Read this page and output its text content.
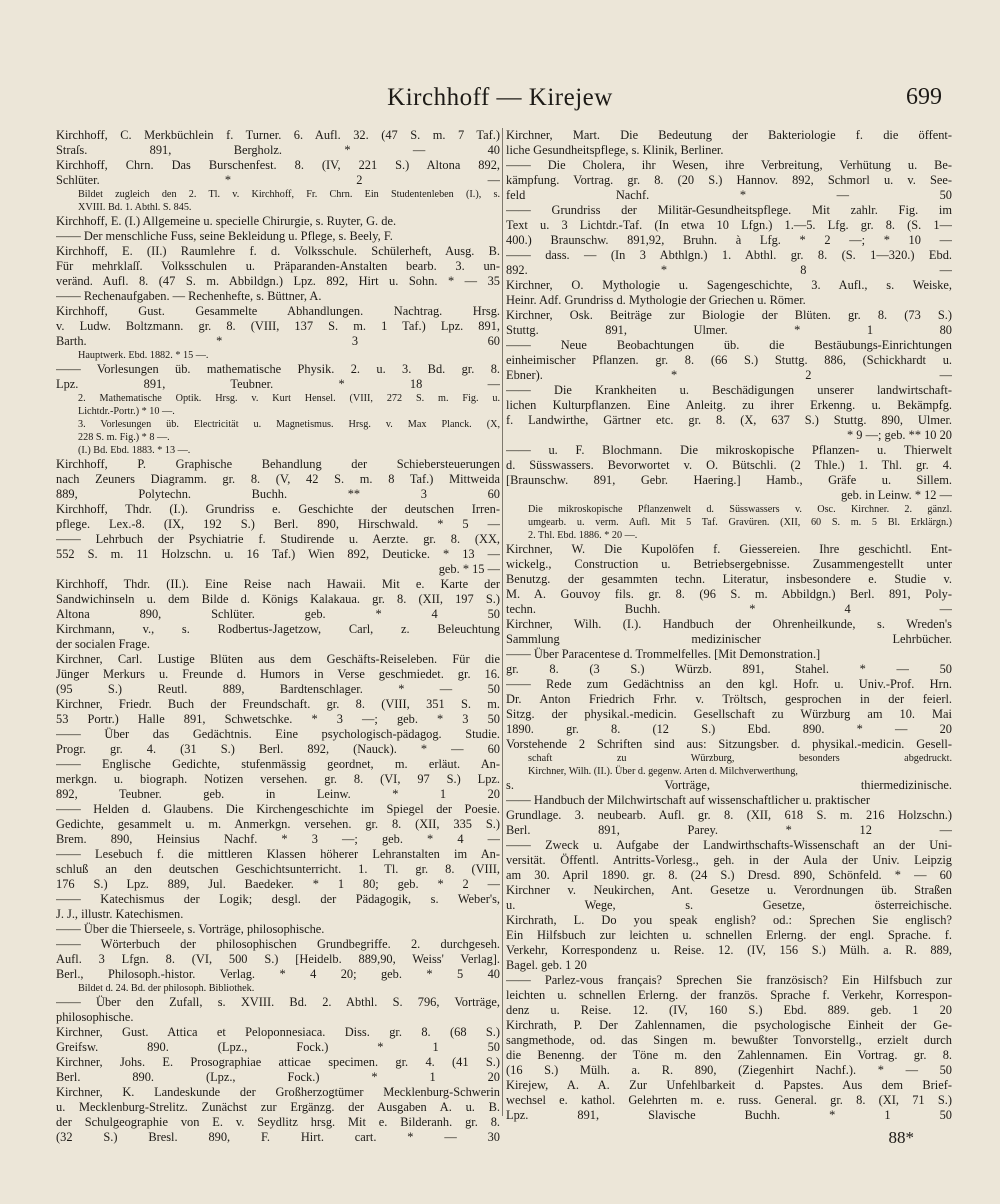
Kirchhoff — Kirejew	699
Kirchhoff, C. Merkbüchlein f. Turner. 6. Aufl. 32. (47 S. m. 7 Taf.)
Straſs. 891, Bergholz. * — 40
Kirchhoff, Chrn. Das Burschenfest. 8. (IV, 221 S.) Altona 892,
Schlüter. * 2 —
Bildet zugleich den 2. Tl. v. Kirchhoff, Fr. Chrn. Ein Studentenleben (I.), s.
XVIII. Bd. 1. Abthl. S. 845.
Kirchhoff, E. (I.) Allgemeine u. specielle Chirurgie, s. Ruyter, G. de.
—— Der menschliche Fuss, seine Bekleidung u. Pflege, s. Beely, F.
Kirchhoff, E. (II.) Raumlehre f. d. Volksschule. Schülerheft, Ausg. B.
Für mehrklaſſ. Volksschulen u. Präparanden-Anstalten bearb. 3. un-
veränd. Aufl. 8. (47 S. m. Abbildgn.) Lpz. 892, Hirt u. Sohn. * — 35
—— Rechenaufgaben. — Rechenhefte, s. Büttner, A.
Kirchhoff, Gust. Gesammelte Abhandlungen. Nachtrag. Hrsg.
v. Ludw. Boltzmann. gr. 8. (VIII, 137 S. m. 1 Taf.) Lpz. 891,
Barth. * 3 60
Hauptwerk. Ebd. 1882. * 15 —.
—— Vorlesungen üb. mathematische Physik. 2. u. 3. Bd. gr. 8.
Lpz. 891, Teubner. * 18 —
2. Mathematische Optik. Hrsg. v. Kurt Hensel. (VIII, 272 S. m. Fig. u.
Lichtdr.-Portr.) * 10 —.
3. Vorlesungen üb. Electricität u. Magnetismus. Hrsg. v. Max Planck. (X,
228 S. m. Fig.) * 8 —.
(I.) Bd. Ebd. 1883. * 13 —.
Kirchhoff, P. Graphische Behandlung der Schiebersteuerungen
nach Zeuners Diagramm. gr. 8. (V, 42 S. m. 8 Taf.) Mittweida
889, Polytechn. Buchh. ** 3 60
Kirchhoff, Thdr. (I.). Grundriss e. Geschichte der deutschen Irren-
pflege. Lex.-8. (IX, 192 S.) Berl. 890, Hirschwald. * 5 —
—— Lehrbuch der Psychiatrie f. Studirende u. Aerzte. gr. 8. (XX,
552 S. m. 11 Holzschn. u. 16 Taf.) Wien 892, Deuticke. * 13 —
geb. * 15 —
Kirchhoff, Thdr. (II.). Eine Reise nach Hawaii. Mit e. Karte der
Sandwichinseln u. dem Bilde d. Königs Kalakaua. gr. 8. (XII, 197 S.)
Altona 890, Schlüter. geb. * 4 50
Kirchmann, v., s. Rodbertus-Jagetzow, Carl, z. Beleuchtung
der socialen Frage.
Kirchner, Carl. Lustige Blüten aus dem Geschäfts-Reiseleben. Für die
Jünger Merkurs u. Freunde d. Humors in Verse geschmiedet. gr. 16.
(95 S.) Reutl. 889, Bardtenschlager. * — 50
Kirchner, Friedr. Buch der Freundschaft. gr. 8. (VIII, 351 S. m.
53 Portr.) Halle 891, Schwetschke. * 3 —; geb. * 3 50
—— Über das Gedächtnis. Eine psychologisch-pädagog. Studie.
Progr. gr. 4. (31 S.) Berl. 892, (Nauck). * — 60
—— Englische Gedichte, stufenmässig geordnet, m. erläut. An-
merkgn. u. biograph. Notizen versehen. gr. 8. (VI, 97 S.) Lpz.
892, Teubner. geb. in Leinw. * 1 20
—— Helden d. Glaubens. Die Kirchengeschichte im Spiegel der Poesie.
Gedichte, gesammelt u. m. Anmerkgn. versehen. gr. 8. (XII, 335 S.)
Brem. 890, Heinsius Nachf. * 3 —; geb. * 4 —
—— Lesebuch f. die mittleren Klassen höherer Lehranstalten im An-
schluß an den deutschen Geschichtsunterricht. 1. Tl. gr. 8. (VIII,
176 S.) Lpz. 889, Jul. Baedeker. * 1 80; geb. * 2 —
—— Katechismus der Logik; desgl. der Pädagogik, s. Weber's,
J. J., illustr. Katechismen.
—— Über die Thierseele, s. Vorträge, philosophische.
—— Wörterbuch der philosophischen Grundbegriffe. 2. durchgeseh.
Aufl. 3 Lfgn. 8. (VI, 500 S.) [Heidelb. 889,90, Weiss' Verlag].
Berl., Philosoph.-histor. Verlag. * 4 20; geb. * 5 40
Bildet d. 24. Bd. der philosoph. Bibliothek.
—— Über den Zufall, s. XVIII. Bd. 2. Abthl. S. 796, Vorträge,
philosophische.
Kirchner, Gust. Attica et Peloponnesiaca. Diss. gr. 8. (68 S.)
Greifsw. 890. (Lpz., Fock.) * 1 50
Kirchner, Johs. E. Prosographiae atticae specimen. gr. 4. (41 S.)
Berl. 890. (Lpz., Fock.) * 1 20
Kirchner, K. Landeskunde der Großherzogtümer Mecklenburg-Schwerin
u. Mecklenburg-Strelitz. Zunächst zur Ergänzg. der Ausgaben A. u. B.
der Schulgeographie von E. v. Seydlitz hrsg. Mit e. Bilderanh. gr. 8.
(32 S.) Bresl. 890, F. Hirt. cart. * — 30
Kirchner, Mart. Die Bedeutung der Bakteriologie f. die öffent-
liche Gesundheitspflege, s. Klinik, Berliner.
—— Die Cholera, ihr Wesen, ihre Verbreitung, Verhütung u. Be-
kämpfung. Vortrag. gr. 8. (20 S.) Hannov. 892, Schmorl u. v. See-
feld Nachf. * — 50
—— Grundriss der Militär-Gesundheitspflege. Mit zahlr. Fig. im
Text u. 3 Lichtdr.-Taf. (In etwa 10 Lfgn.) 1.—5. Lfg. gr. 8. (S. 1—
400.) Braunschw. 891,92, Bruhn. à Lfg. * 2 —; * 10 —
—— dass. — (In 3 Abthlgn.) 1. Abthl. gr. 8. (S. 1—320.) Ebd.
892. * 8 —
Kirchner, O. Mythologie u. Sagengeschichte, 3. Aufl., s. Weiske,
Heinr. Adf. Grundriss d. Mythologie der Griechen u. Römer.
Kirchner, Osk. Beiträge zur Biologie der Blüten. gr. 8. (73 S.)
Stuttg. 891, Ulmer. * 1 80
—— Neue Beobachtungen üb. die Bestäubungs-Einrichtungen
einheimischer Pflanzen. gr. 8. (66 S.) Stuttg. 886, (Schickhardt u.
Ebner). * 2 —
—— Die Krankheiten u. Beschädigungen unserer landwirtschaft-
lichen Kulturpflanzen. Eine Anleitg. zu ihrer Erkenng. u. Bekämpfg.
f. Landwirthe, Gärtner etc. gr. 8. (X, 637 S.) Stuttg. 890, Ulmer.
* 9 —; geb. ** 10 20
—— u. F. Blochmann. Die mikroskopische Pflanzen- u. Thierwelt
d. Süsswassers. Bevorwortet v. O. Bütschli. (2 Thle.) 1. Thl. gr. 4.
[Braunschw. 891, Gebr. Haering.] Hamb., Gräfe u. Sillem.
geb. in Leinw. * 12 —
Die mikroskopische Pflanzenwelt d. Süsswassers v. Osc. Kirchner. 2. gänzl.
umgearb. u. verm. Aufl. Mit 5 Taf. Gravüren. (XII, 60 S. m. 5 Bl. Erklärgn.)
2. Thl. Ebd. 1886. * 20 —.
Kirchner, W. Die Kupolöfen f. Giessereien. Ihre geschichtl. Ent-
wickelg., Construction u. Betriebsergebnisse. Zusammengestellt unter
Benutzg. der gesammten techn. Literatur, insbesondere e. Studie v.
M. A. Gouvoy fils. gr. 8. (96 S. m. Abbildgn.) Berl. 891, Poly-
techn. Buchh. * 4 —
Kirchner, Wilh. (I.). Handbuch der Ohrenheilkunde, s. Wreden's
Sammlung medizinischer Lehrbücher.
—— Über Paracentese d. Trommelfelles. [Mit Demonstration.]
gr. 8. (3 S.) Würzb. 891, Stahel. * — 50
—— Rede zum Gedächtniss an den kgl. Hofr. u. Univ.-Prof. Hrn.
Dr. Anton Friedrich Frhr. v. Tröltsch, gesprochen in der feierl.
Sitzg. der physikal.-medicin. Gesellschaft zu Würzburg am 10. Mai
1890. gr. 8. (12 S.) Ebd. 890. * — 20
Vorstehende 2 Schriften sind aus: Sitzungsber. d. physikal.-medicin. Gesell-
schaft zu Würzburg, besonders abgedruckt.
Kirchner, Wilh. (II.). Über d. gegenw. Arten d. Milchverwerthung,
s. Vorträge, thiermedizinische.
—— Handbuch der Milchwirtschaft auf wissenschaftlicher u. praktischer
Grundlage. 3. neubearb. Aufl. gr. 8. (XII, 618 S. m. 216 Holzschn.)
Berl. 891, Parey. * 12 —
—— Zweck u. Aufgabe der Landwirthschafts-Wissenschaft an der Uni-
versität. Öffentl. Antritts-Vorlesg., geh. in der Aula der Univ. Leipzig
am 30. April 1890. gr. 8. (24 S.) Dresd. 890, Schönfeld. * — 60
Kirchner v. Neukirchen, Ant. Gesetze u. Verordnungen üb. Straßen
u. Wege, s. Gesetze, österreichische.
Kirchrath, L. Do you speak english? od.: Sprechen Sie englisch?
Ein Hilfsbuch zur leichten u. schnellen Erlerng. der engl. Sprache. f.
Verkehr, Korrespondenz u. Reise. 12. (IV, 156 S.) Mülh. a. R. 889,
Bagel. geb. 1 20
—— Parlez-vous français? Sprechen Sie französisch? Ein Hilfsbuch zur
leichten u. schnellen Erlerng. der französ. Sprache f. Verkehr, Korrespon-
denz u. Reise. 12. (IV, 160 S.) Ebd. 889. geb. 1 20
Kirchrath, P. Der Zahlennamen, die psychologische Einheit der Ge-
sangmethode, od. das Singen m. bewußter Tonvorstellg., erzielt durch
die Benenng. der Töne m. den Zahlennamen. Ein Vortrag. gr. 8.
(16 S.) Mülh. a. R. 890, (Ziegenhirt Nachf.). * — 50
Kirejew, A. A. Zur Unfehlbarkeit d. Papstes. Aus dem Brief-
wechsel e. kathol. Gelehrten m. e. russ. General. gr. 8. (XI, 71 S.)
Lpz. 891, Slavische Buchh. * 1 50
88*
